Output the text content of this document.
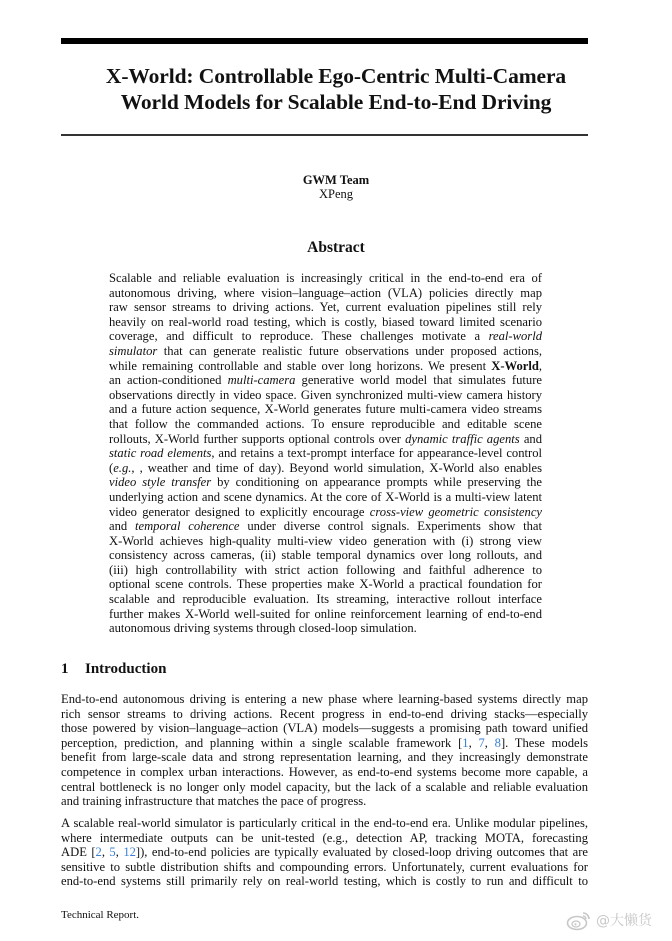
X-World: Controllable Ego-Centric Multi-Camera
World Models for Scalable End-to-End Driving
GWM Team
XPeng
Abstract
Scalable and reliable evaluation is increasingly critical in the end-to-end era of
autonomous driving, where vision–language–action (VLA) policies directly map
raw sensor streams to driving actions. Yet, current evaluation pipelines still rely
heavily on real-world road testing, which is costly, biased toward limited scenario
coverage, and difficult to reproduce. These challenges motivate a real-world
simulator that can generate realistic future observations under proposed actions,
while remaining controllable and stable over long horizons. We present X-World,
an action-conditioned multi-camera generative world model that simulates future
observations directly in video space. Given synchronized multi-view camera history
and a future action sequence, X-World generates future multi-camera video streams
that follow the commanded actions. To ensure reproducible and editable scene
rollouts, X-World further supports optional controls over dynamic traffic agents and
static road elements, and retains a text-prompt interface for appearance-level control
(e.g., , weather and time of day). Beyond world simulation, X-World also enables
video style transfer by conditioning on appearance prompts while preserving the
underlying action and scene dynamics. At the core of X-World is a multi-view latent
video generator designed to explicitly encourage cross-view geometric consistency
and temporal coherence under diverse control signals. Experiments show that
X-World achieves high-quality multi-view video generation with (i) strong view
consistency across cameras, (ii) stable temporal dynamics over long rollouts, and
(iii) high controllability with strict action following and faithful adherence to
optional scene controls. These properties make X-World a practical foundation for
scalable and reproducible evaluation. Its streaming, interactive rollout interface
further makes X-World well-suited for online reinforcement learning of end-to-end
autonomous driving systems through closed-loop simulation.
1 Introduction
End-to-end autonomous driving is entering a new phase where learning-based systems directly map
rich sensor streams to driving actions. Recent progress in end-to-end driving stacks—especially
those powered by vision–language–action (VLA) models—suggests a promising path toward unified
perception, prediction, and planning within a single scalable framework [1, 7, 8]. These models
benefit from large-scale data and strong representation learning, and they increasingly demonstrate
competence in complex urban interactions. However, as end-to-end systems become more capable, a
central bottleneck is no longer only model capacity, but the lack of a scalable and reliable evaluation
and training infrastructure that matches the pace of progress.
A scalable real-world simulator is particularly critical in the end-to-end era. Unlike modular pipelines,
where intermediate outputs can be unit-tested (e.g., detection AP, tracking MOTA, forecasting
ADE [2, 5, 12]), end-to-end policies are typically evaluated by closed-loop driving outcomes that are
sensitive to subtle distribution shifts and compounding errors. Unfortunately, current evaluations for
end-to-end systems still primarily rely on real-world testing, which is costly to run and difficult to
Technical Report.	@大懒货
